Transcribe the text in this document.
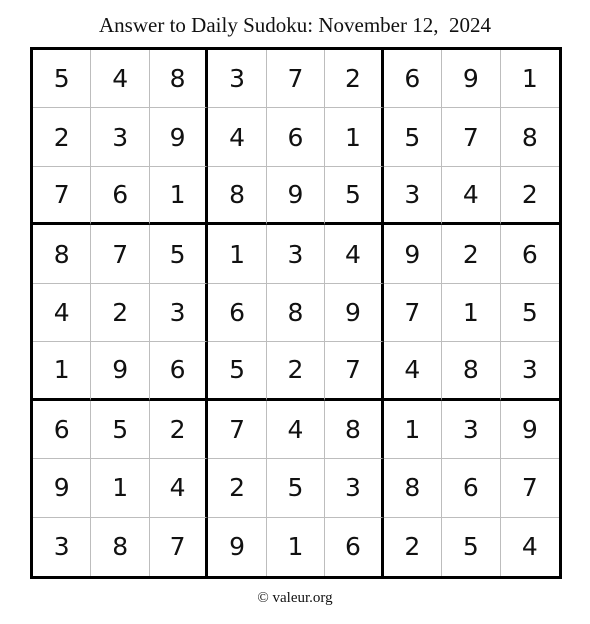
Answer to Daily Sudoku: November 12,  2024
5	4	8	3	7	2	6	9	1
2	3	9	4	6	1	5	7	8
7	6	1	8	9	5	3	4	2
8	7	5	1	3	4	9	2	6
4	2	3	6	8	9	7	1	5
1	9	6	5	2	7	4	8	3
6	5	2	7	4	8	1	3	9
9	1	4	2	5	3	8	6	7
3	8	7	9	1	6	2	5	4
© valeur.org
